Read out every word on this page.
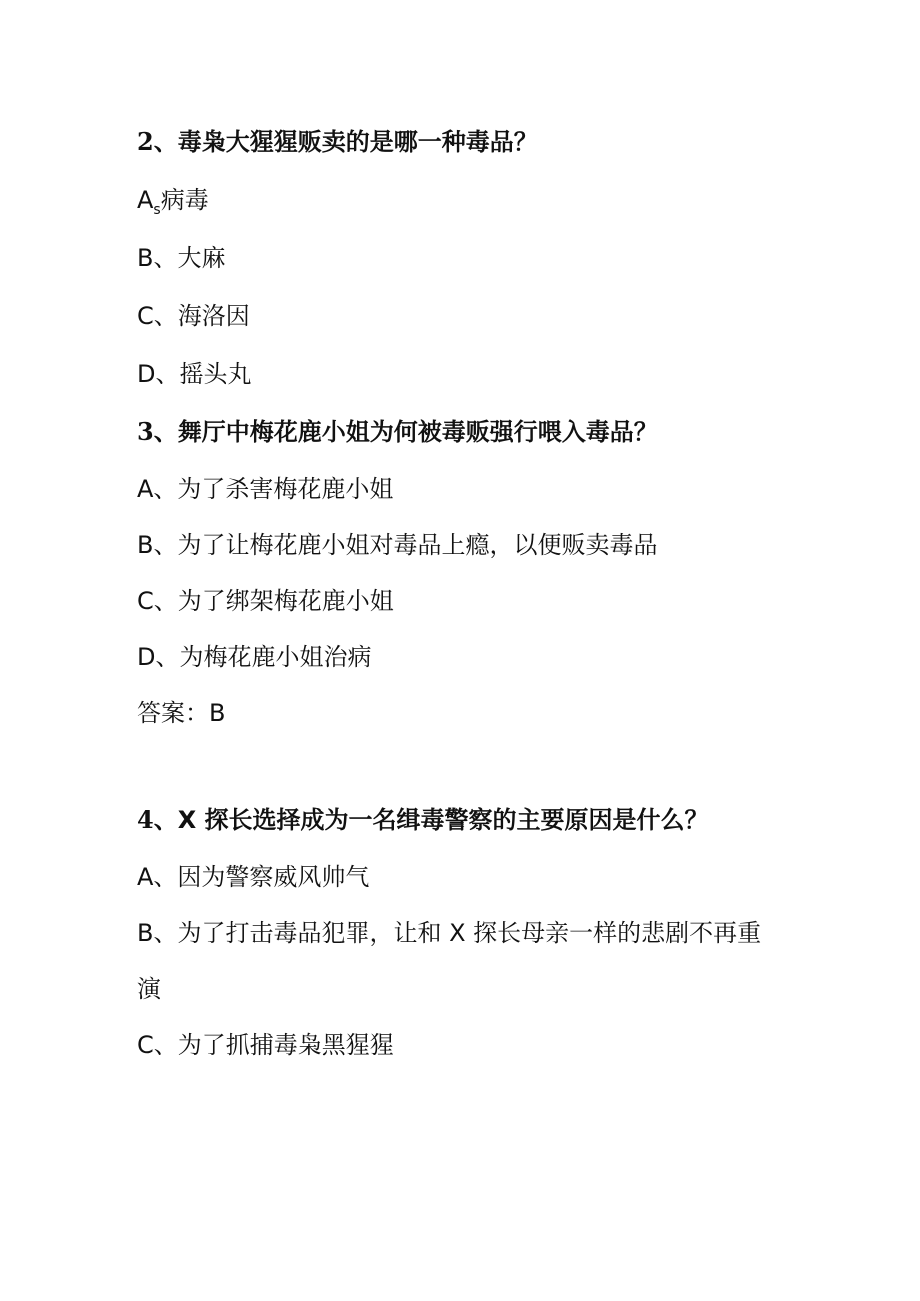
2、毒枭大猩猩贩卖的是哪一种毒品？
$A_s$病毒
B、大麻
C、海洛因
D、摇头丸
3、舞厅中梅花鹿小姐为何被毒贩强行喂入毒品？
A、为了杀害梅花鹿小姐
B、为了让梅花鹿小姐对毒品上瘾，以便贩卖毒品
C、为了绑架梅花鹿小姐
D、为梅花鹿小姐治病
答案：B
4、X 探长选择成为一名缉毒警察的主要原因是什么？
A、因为警察威风帅气
B、为了打击毒品犯罪，让和 X 探长母亲一样的悲剧不再重
演
C、为了抓捕毒枭黑猩猩
